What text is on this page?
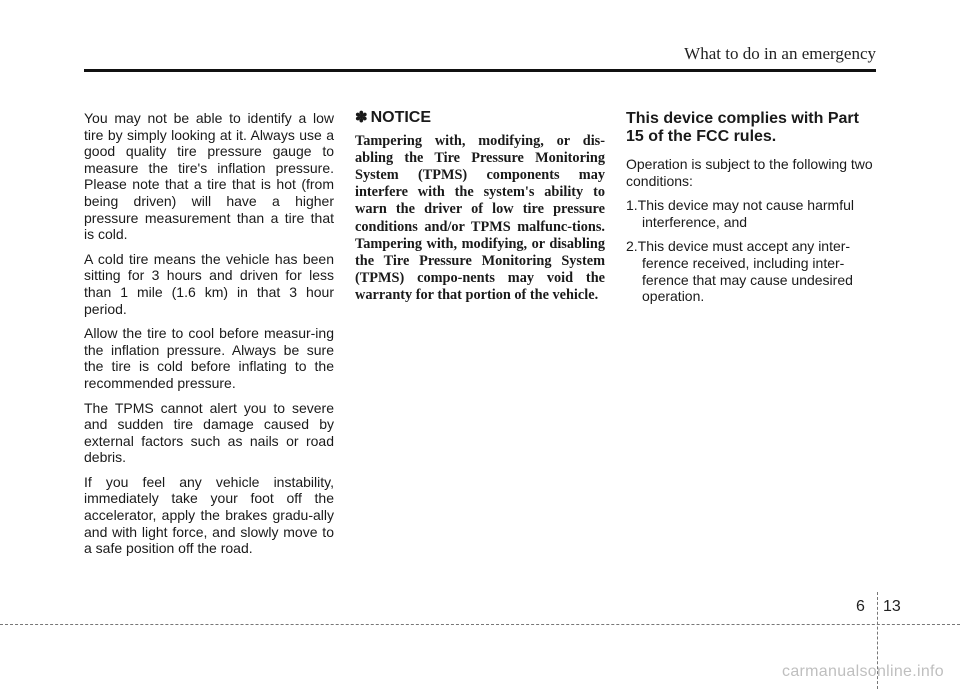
What to do in an emergency

You may not be able to identify a low tire by simply looking at it. Always use a good quality tire pressure gauge to measure the tire's inflation pressure. Please note that a tire that is hot (from being driven) will have a higher pressure measurement than a tire that is cold.

A cold tire means the vehicle has been sitting for 3 hours and driven for less than 1 mile (1.6 km) in that 3 hour period.

Allow the tire to cool before measur-ing the inflation pressure. Always be sure the tire is cold before inflating to the recommended pressure.

The TPMS cannot alert you to severe and sudden tire damage caused by external factors such as nails or road debris.

If you feel any vehicle instability, immediately take your foot off the accelerator, apply the brakes gradu-ally and with light force, and slowly move to a safe position off the road.

✽ NOTICE

Tampering with, modifying, or dis-abling the Tire Pressure Monitoring System (TPMS) components may interfere with the system's ability to warn the driver of low tire pressure conditions and/or TPMS malfunc-tions. Tampering with, modifying, or disabling the Tire Pressure Monitoring System (TPMS) compo-nents may void the warranty for that portion of the vehicle.

This device complies with Part 15 of the FCC rules.

Operation is subject to the following two conditions:

1.This device may not cause harmful interference, and

2.This device must accept any inter-ference received, including inter-ference that may cause undesired operation.

6 13
carmanualsonline.info
